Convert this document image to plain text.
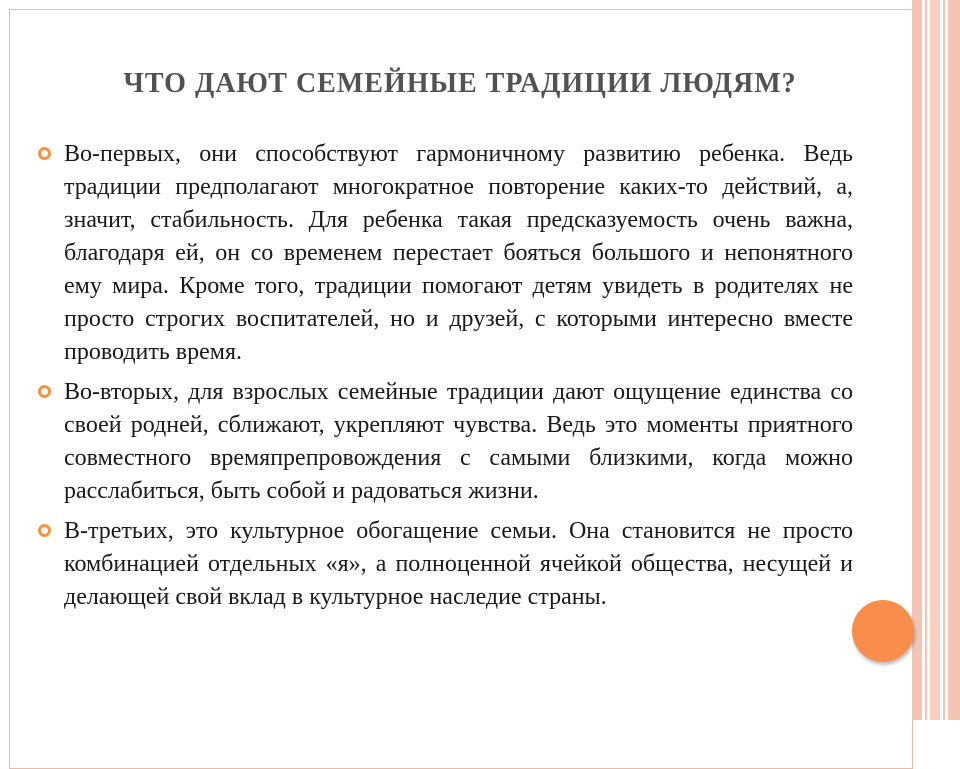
ЧТО ДАЮТ СЕМЕЙНЫЕ ТРАДИЦИИ ЛЮДЯМ?
Во-первых, они способствуют гармоничному развитию ребенка. Ведь традиции предполагают многократное повторение каких-то действий, а, значит, стабильность. Для ребенка такая предсказуемость очень важна, благодаря ей, он со временем перестает бояться большого и непонятного ему мира. Кроме того, традиции помогают детям увидеть в родителях не просто строгих воспитателей, но и друзей, с которыми интересно вместе проводить время.
Во-вторых, для взрослых семейные традиции дают ощущение единства со своей родней, сближают, укрепляют чувства. Ведь это моменты приятного совместного времяпрепровождения с самыми близкими, когда можно расслабиться, быть собой и радоваться жизни.
В-третьих, это культурное обогащение семьи. Она становится не просто комбинацией отдельных «я», а полноценной ячейкой общества, несущей и делающей свой вклад в культурное наследие страны.
